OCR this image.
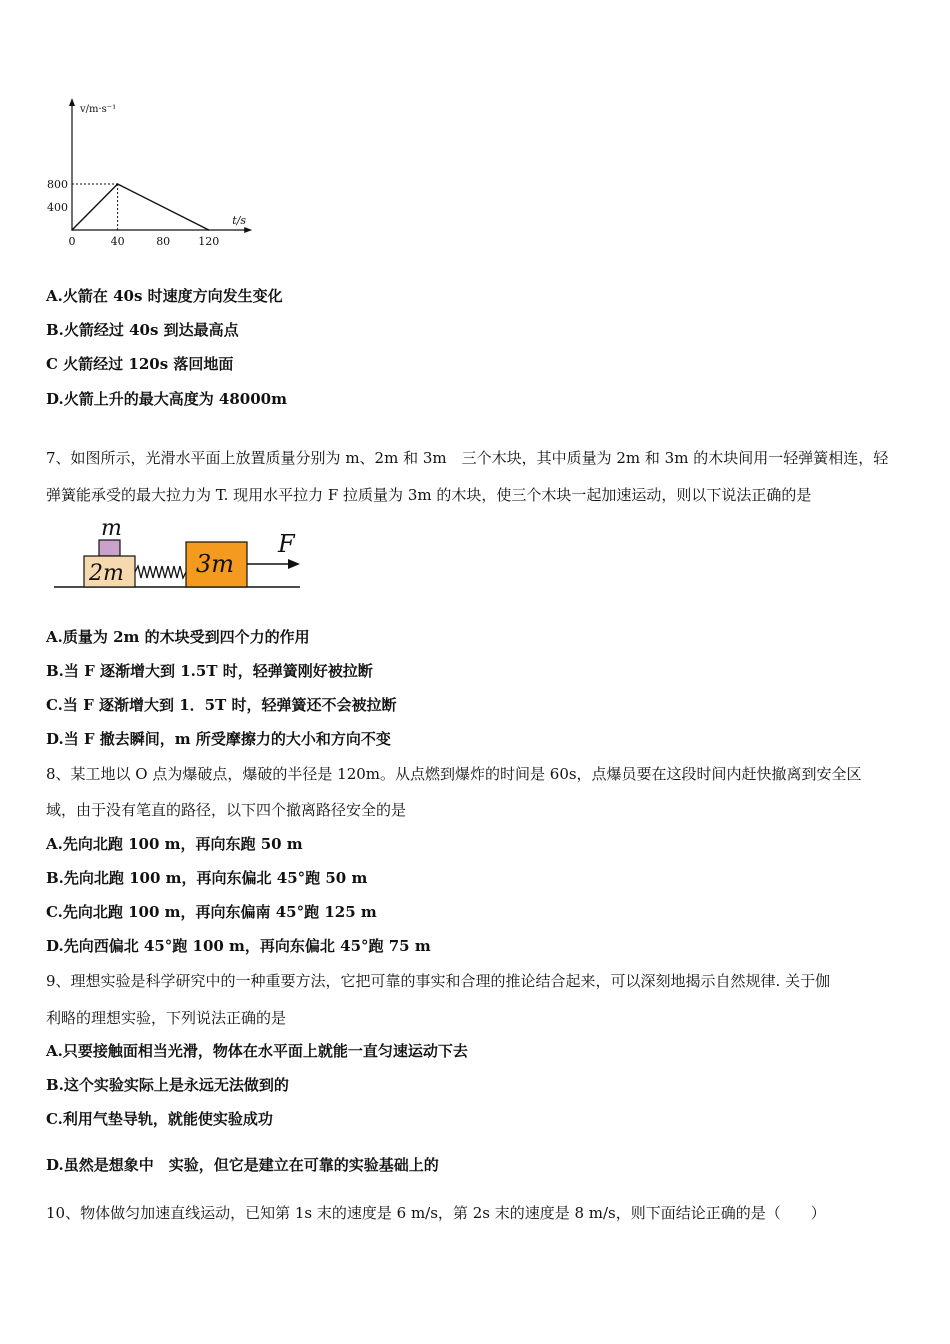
v/m·s⁻¹
t/s
0	40	80	120
400
800
A.火箭在 40s 时速度方向发生变化
B.火箭经过 40s 到达最高点
C 火箭经过 120s 落回地面
D.火箭上升的最大高度为 48000m
7、如图所示，光滑水平面上放置质量分别为 m、2m 和 3m　三个木块，其中质量为 2m 和 3m 的木块间用一轻弹簧相连，轻
弹簧能承受的最大拉力为 T. 现用水平拉力 F 拉质量为 3m 的木块，使三个木块一起加速运动，则以下说法正确的是
m
2m	3m
F
A.质量为 2m 的木块受到四个力的作用
B.当 F 逐渐增大到 1.5T 时，轻弹簧刚好被拉断
C.当 F 逐渐增大到 1．5T 时，轻弹簧还不会被拉断
D.当 F 撤去瞬间，m 所受摩擦力的大小和方向不变
8、某工地以 O 点为爆破点，爆破的半径是 120m。从点燃到爆炸的时间是 60s，点爆员要在这段时间内赶快撤离到安全区
域，由于没有笔直的路径，以下四个撤离路径安全的是
A.先向北跑 100 m，再向东跑 50 m
B.先向北跑 100 m，再向东偏北 45°跑 50 m
C.先向北跑 100 m，再向东偏南 45°跑 125 m
D.先向西偏北 45°跑 100 m，再向东偏北 45°跑 75 m
9、理想实验是科学研究中的一种重要方法，它把可靠的事实和合理的推论结合起来，可以深刻地揭示自然规律. 关于伽
利略的理想实验，下列说法正确的是
A.只要接触面相当光滑，物体在水平面上就能一直匀速运动下去
B.这个实验实际上是永远无法做到的
C.利用气垫导轨，就能使实验成功
D.虽然是想象中　实验，但它是建立在可靠的实验基础上的
10、物体做匀加速直线运动，已知第 1s 末的速度是 6 m/s，第 2s 末的速度是 8 m/s，则下面结论正确的是（　　）
